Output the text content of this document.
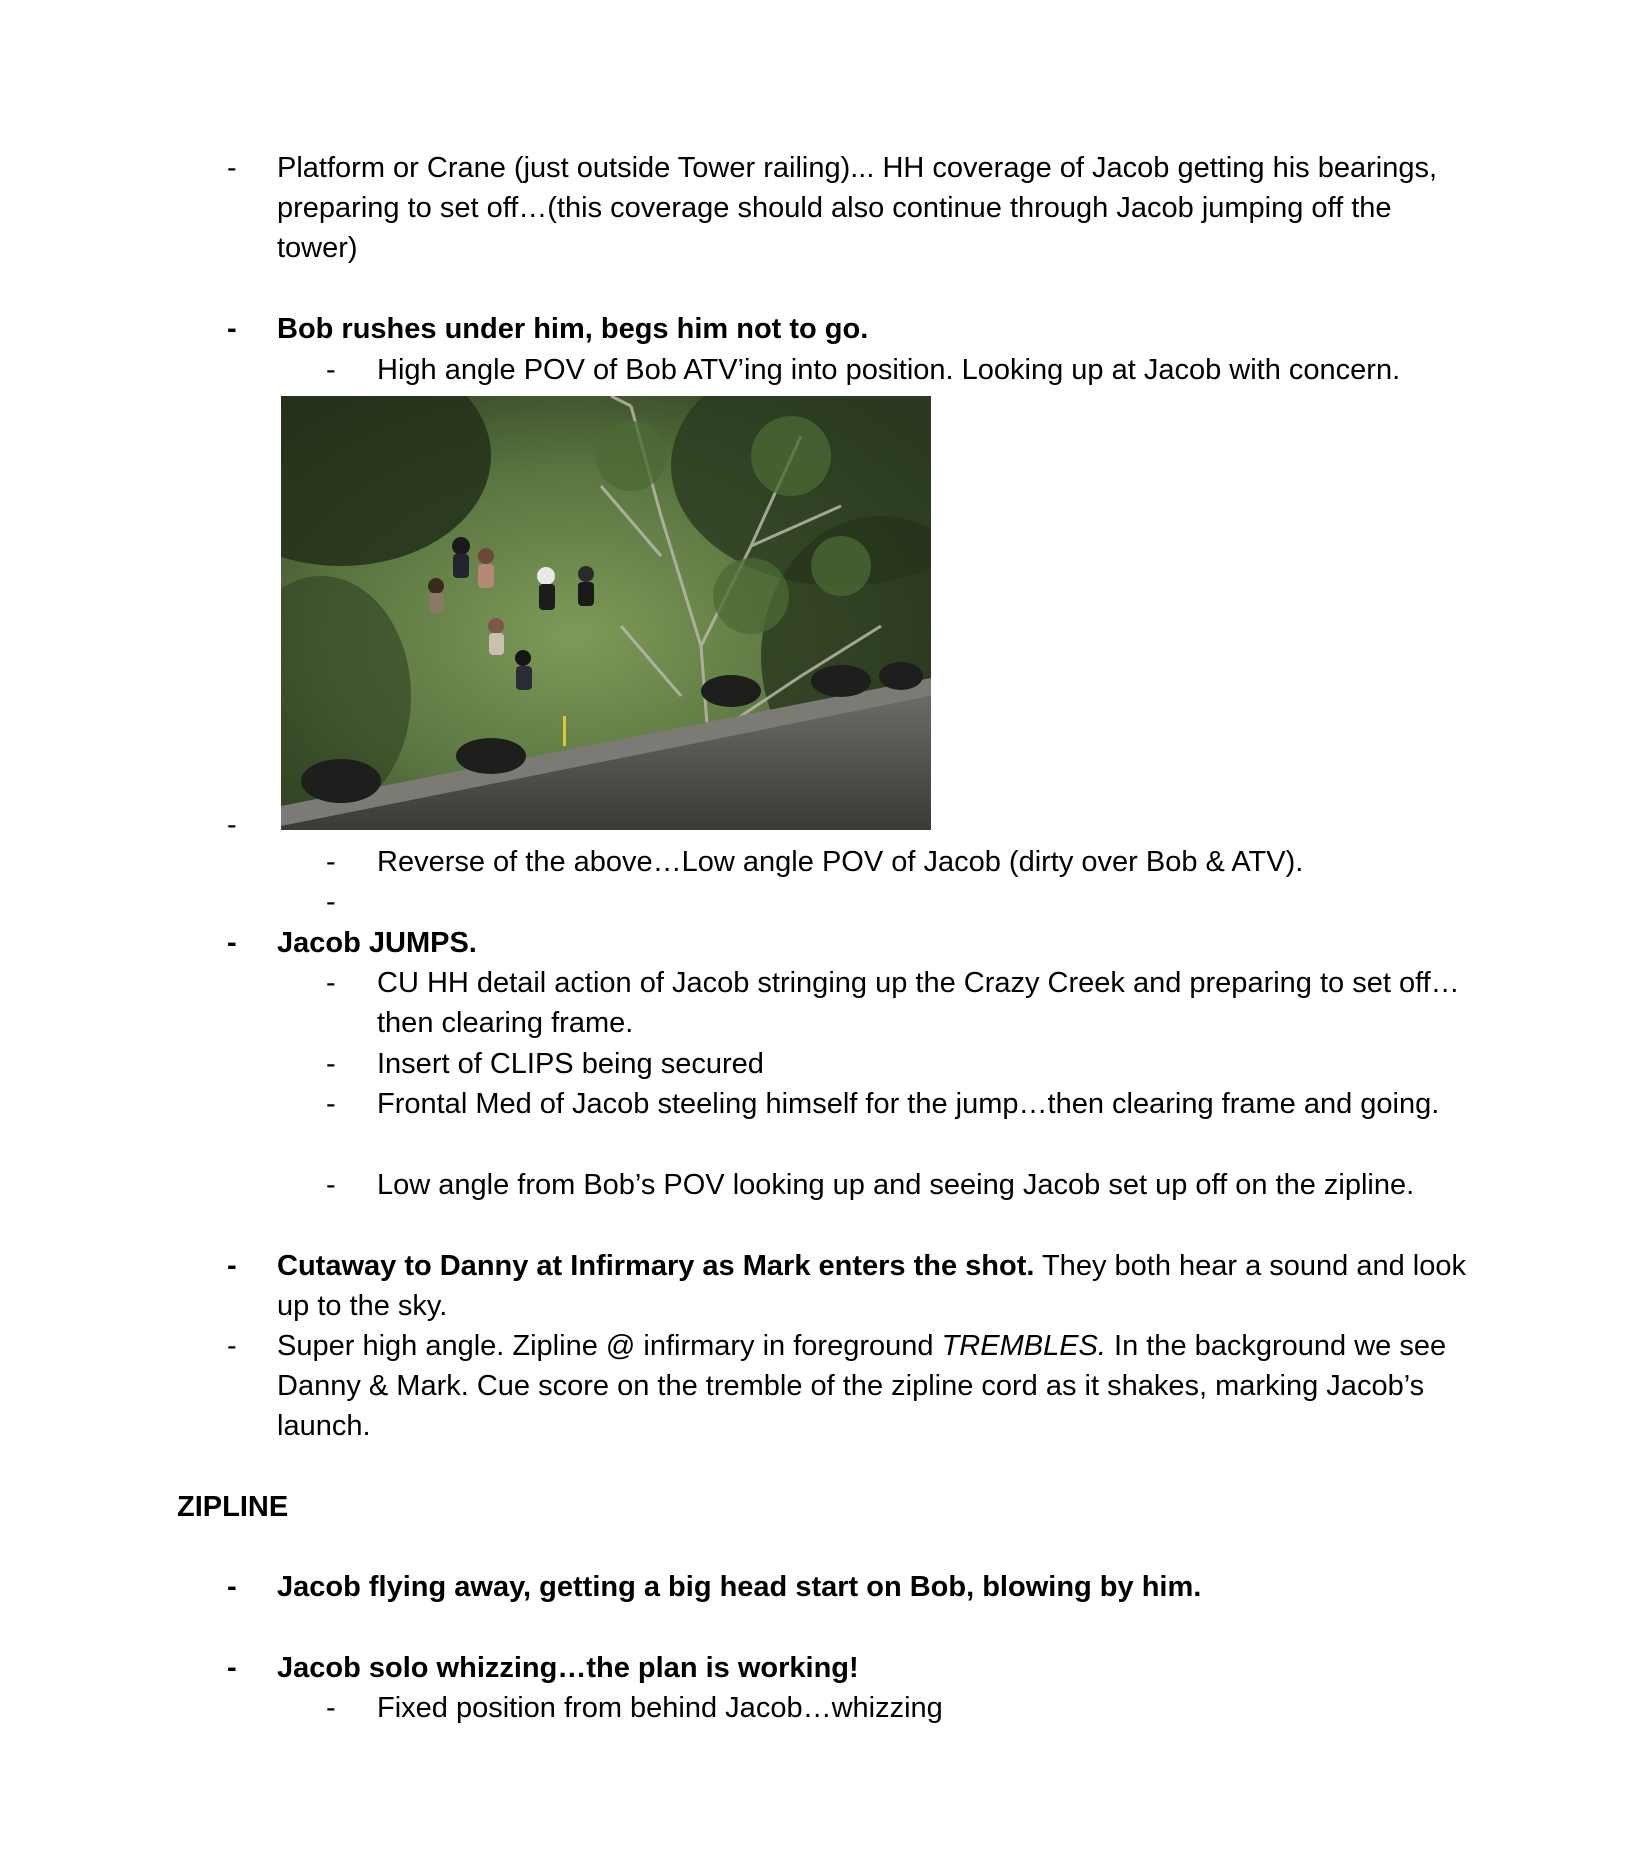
-	Platform or Crane (just outside Tower railing)... HH coverage of Jacob getting his bearings, preparing to set off…(this coverage should also continue through Jacob jumping off the tower)
-	Bob rushes under him, begs him not to go.
-	High angle POV of Bob ATV’ing into position. Looking up at Jacob with concern.
-
-	Reverse of the above…Low angle POV of Jacob (dirty over Bob & ATV).
-
-	Jacob JUMPS.
-	CU HH detail action of Jacob stringing up the Crazy Creek and preparing to set off…then clearing frame.
-	Insert of CLIPS being secured
-	Frontal Med of Jacob steeling himself for the jump…then clearing frame and going.
-	Low angle from Bob’s POV looking up and seeing Jacob set up off on the zipline.
-	Cutaway to Danny at Infirmary as Mark enters the shot. They both hear a sound and look up to the sky.
-	Super high angle. Zipline @ infirmary in foreground TREMBLES. In the background we see Danny & Mark. Cue score on the tremble of the zipline cord as it shakes, marking Jacob’s launch.
ZIPLINE
-	Jacob flying away, getting a big head start on Bob, blowing by him.
-	Jacob solo whizzing…the plan is working!
-	Fixed position from behind Jacob…whizzing
